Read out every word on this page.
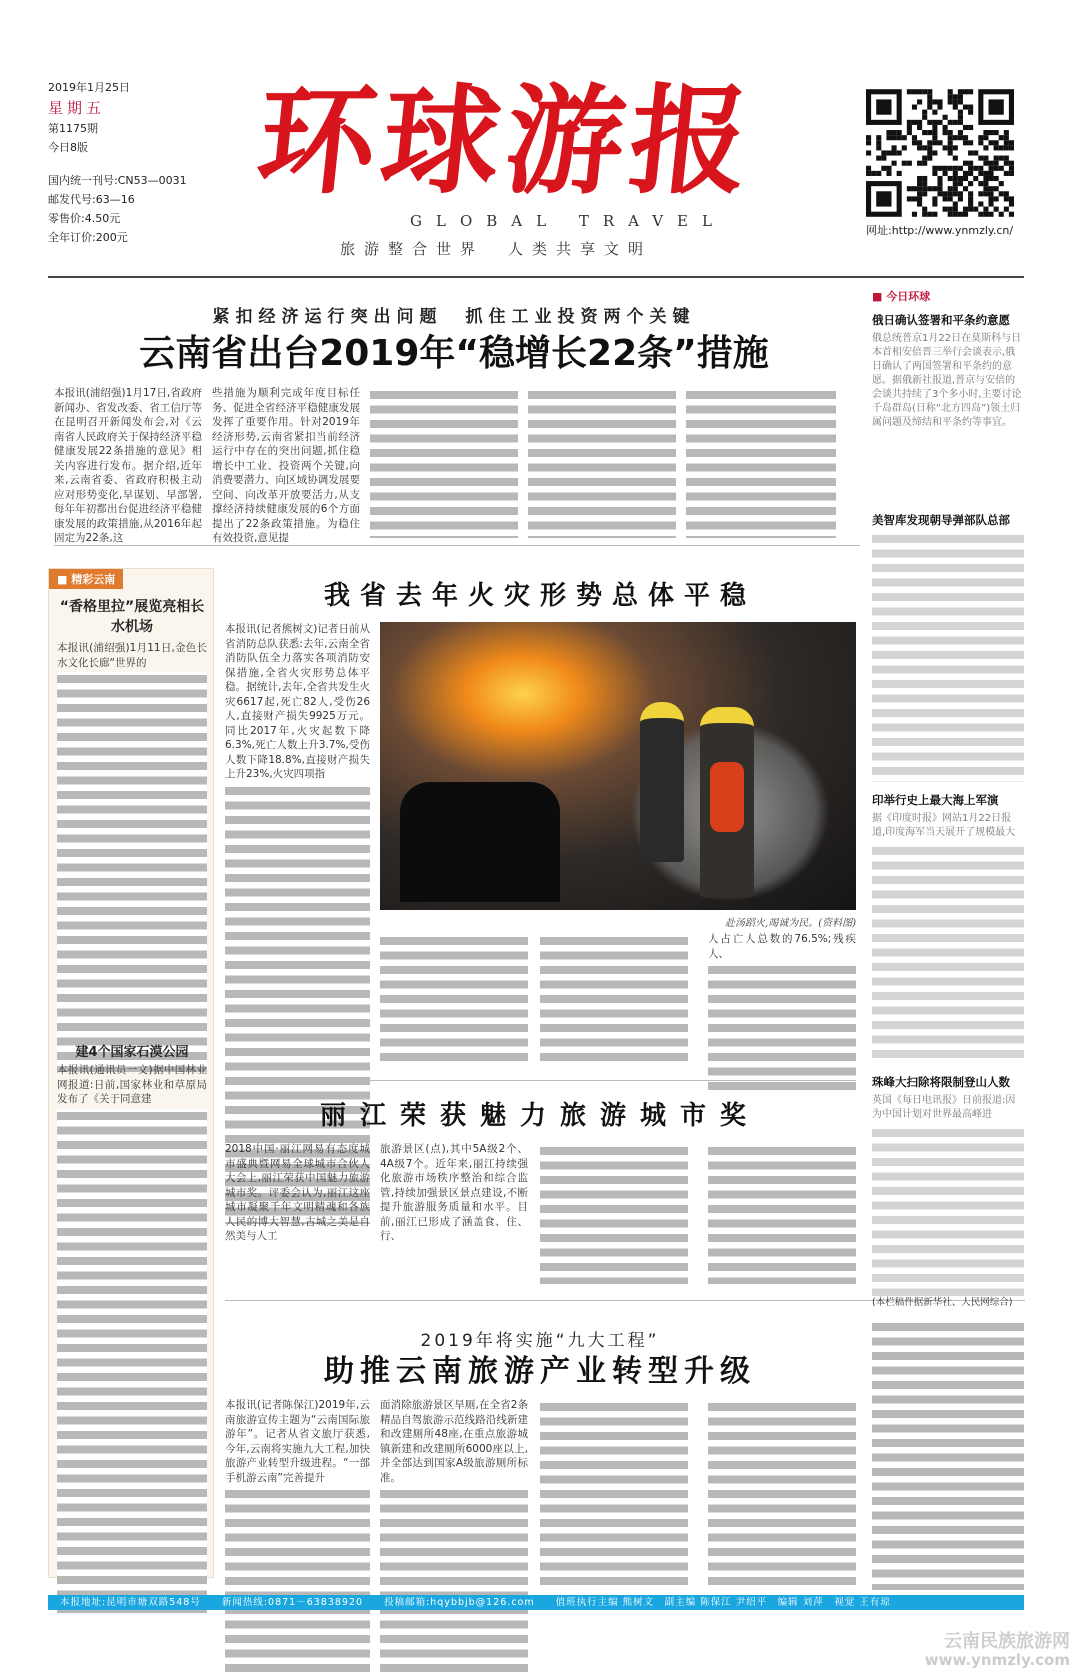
2019年1月25日
星期五
第1175期
今日8版
国内统一刊号:CN53—0031
邮发代号:63—16
零售价:4.50元
全年订价:200元
环球游报
GLOBAL TRAVEL
旅游整合世界　人类共享文明
网址:http://www.ynmzly.cn/
紧扣经济运行突出问题　抓住工业投资两个关键
云南省出台2019年“稳增长22条”措施
本报讯(浦绍强)1月17日,省政府新闻办、省发改委、省工信厅等在昆明召开新闻发布会,对《云南省人民政府关于保持经济平稳健康发展22条措施的意见》相关内容进行发布。据介绍,近年来,云南省委、省政府积极主动应对形势变化,早谋划、早部署,每年年初都出台促进经济平稳健康发展的政策措施,从2016年起固定为22条,这
些措施为顺利完成年度目标任务、促进全省经济平稳健康发展发挥了重要作用。针对2019年经济形势,云南省紧扣当前经济运行中存在的突出问题,抓住稳增长中工业、投资两个关键,向消费要潜力、向区域协调发展要空间、向改革开放要活力,从支撑经济持续健康发展的6个方面提出了22条政策措施。为稳住有效投资,意见提
■ 精彩云南
“香格里拉”展览亮相长水机场
本报讯(浦绍强)1月11日,金色长水文化长廊“世界的
建4个国家石漠公园
本报讯(通讯员一文)据中国林业网报道:日前,国家林业和草原局发布了《关于同意建
我省去年火灾形势总体平稳
本报讯(记者熊树文)记者日前从省消防总队获悉:去年,云南全省消防队伍全力落实各项消防安保措施,全省火灾形势总体平稳。据统计,去年,全省共发生火灾6617起,死亡82人,受伤26人,直接财产损失9925万元。同比2017年,火灾起数下降6.3%,死亡人数上升3.7%,受伤人数下降18.8%,直接财产损失上升23%,火灾四项指
赴汤蹈火,竭诚为民。(资料图)
人占亡人总数的76.5%;残疾人、
丽江荣获魅力旅游城市奖
2018中国·丽江网易有态度城市盛典暨网易全球城市合伙人大会上,丽江荣获中国魅力旅游城市奖。评委会认为,丽江这座城市凝聚千年文明精魂和各族人民的博大智慧,古城之美是自然美与人工
旅游景区(点),其中5A级2个、4A级7个。近年来,丽江持续强化旅游市场秩序整治和综合监管,持续加强景区景点建设,不断提升旅游服务质量和水平。目前,丽江已形成了涵盖食、住、行、
2019年将实施“九大工程”
助推云南旅游产业转型升级
本报讯(记者陈保江)2019年,云南旅游宣传主题为“云南国际旅游年”。记者从省文旅厅获悉,今年,云南将实施九大工程,加快旅游产业转型升级进程。“一部手机游云南”完善提升
面消除旅游景区旱厕,在全省2条精品自驾旅游示范线路沿线新建和改建厕所48座,在重点旅游城镇新建和改建厕所6000座以上,并全部达到国家A级旅游厕所标准。
■ 今日环球
俄日确认签署和平条约意愿
俄总统普京1月22日在莫斯科与日本首相安倍晋三举行会谈表示,俄日确认了两国签署和平条约的意愿。据俄新社报道,普京与安倍的会谈共持续了3个多小时,主要讨论千岛群岛(日称“北方四岛”)领土归属问题及缔结和平条约等事宜。
美智库发现朝导弹部队总部
印举行史上最大海上军演
据《印度时报》网站1月22日报道,印度海军当天展开了规模最大
珠峰大扫除将限制登山人数
英国《每日电讯报》日前报道:因为中国计划对世界最高峰进
(本栏稿件据新华社、人民网综合)
本报地址:昆明市塘双路548号　　新闻热线:0871－63838920　　投稿邮箱:hqybbjb@126.com　　值班执行主编 熊树文　副主编 陈保江 尹绍平　编辑 刘萍　视觉 王有琼
云南民族旅游网
www.ynmzly.com
